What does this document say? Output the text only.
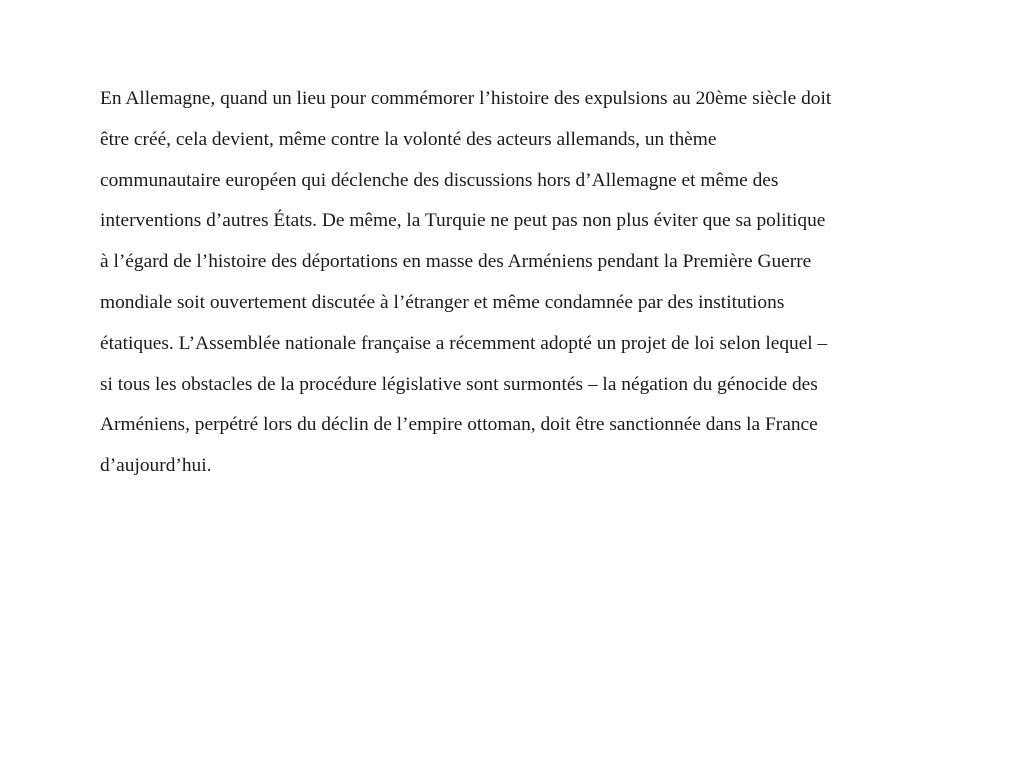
En Allemagne, quand un lieu pour commémorer l’histoire des expulsions au 20ème siècle doit
être créé, cela devient, même contre la volonté des acteurs allemands, un thème
communautaire européen qui déclenche des discussions hors d’Allemagne et même des
interventions d’autres États. De même, la Turquie ne peut pas non plus éviter que sa politique
à l’égard de l’histoire des déportations en masse des Arméniens pendant la Première Guerre
mondiale soit ouvertement discutée à l’étranger et même condamnée par des institutions
étatiques. L’Assemblée nationale française a récemment adopté un projet de loi selon lequel –
si tous les obstacles de la procédure législative sont surmontés – la négation du génocide des
Arméniens, perpétré lors du déclin de l’empire ottoman, doit être sanctionnée dans la France
d’aujourd’hui.
